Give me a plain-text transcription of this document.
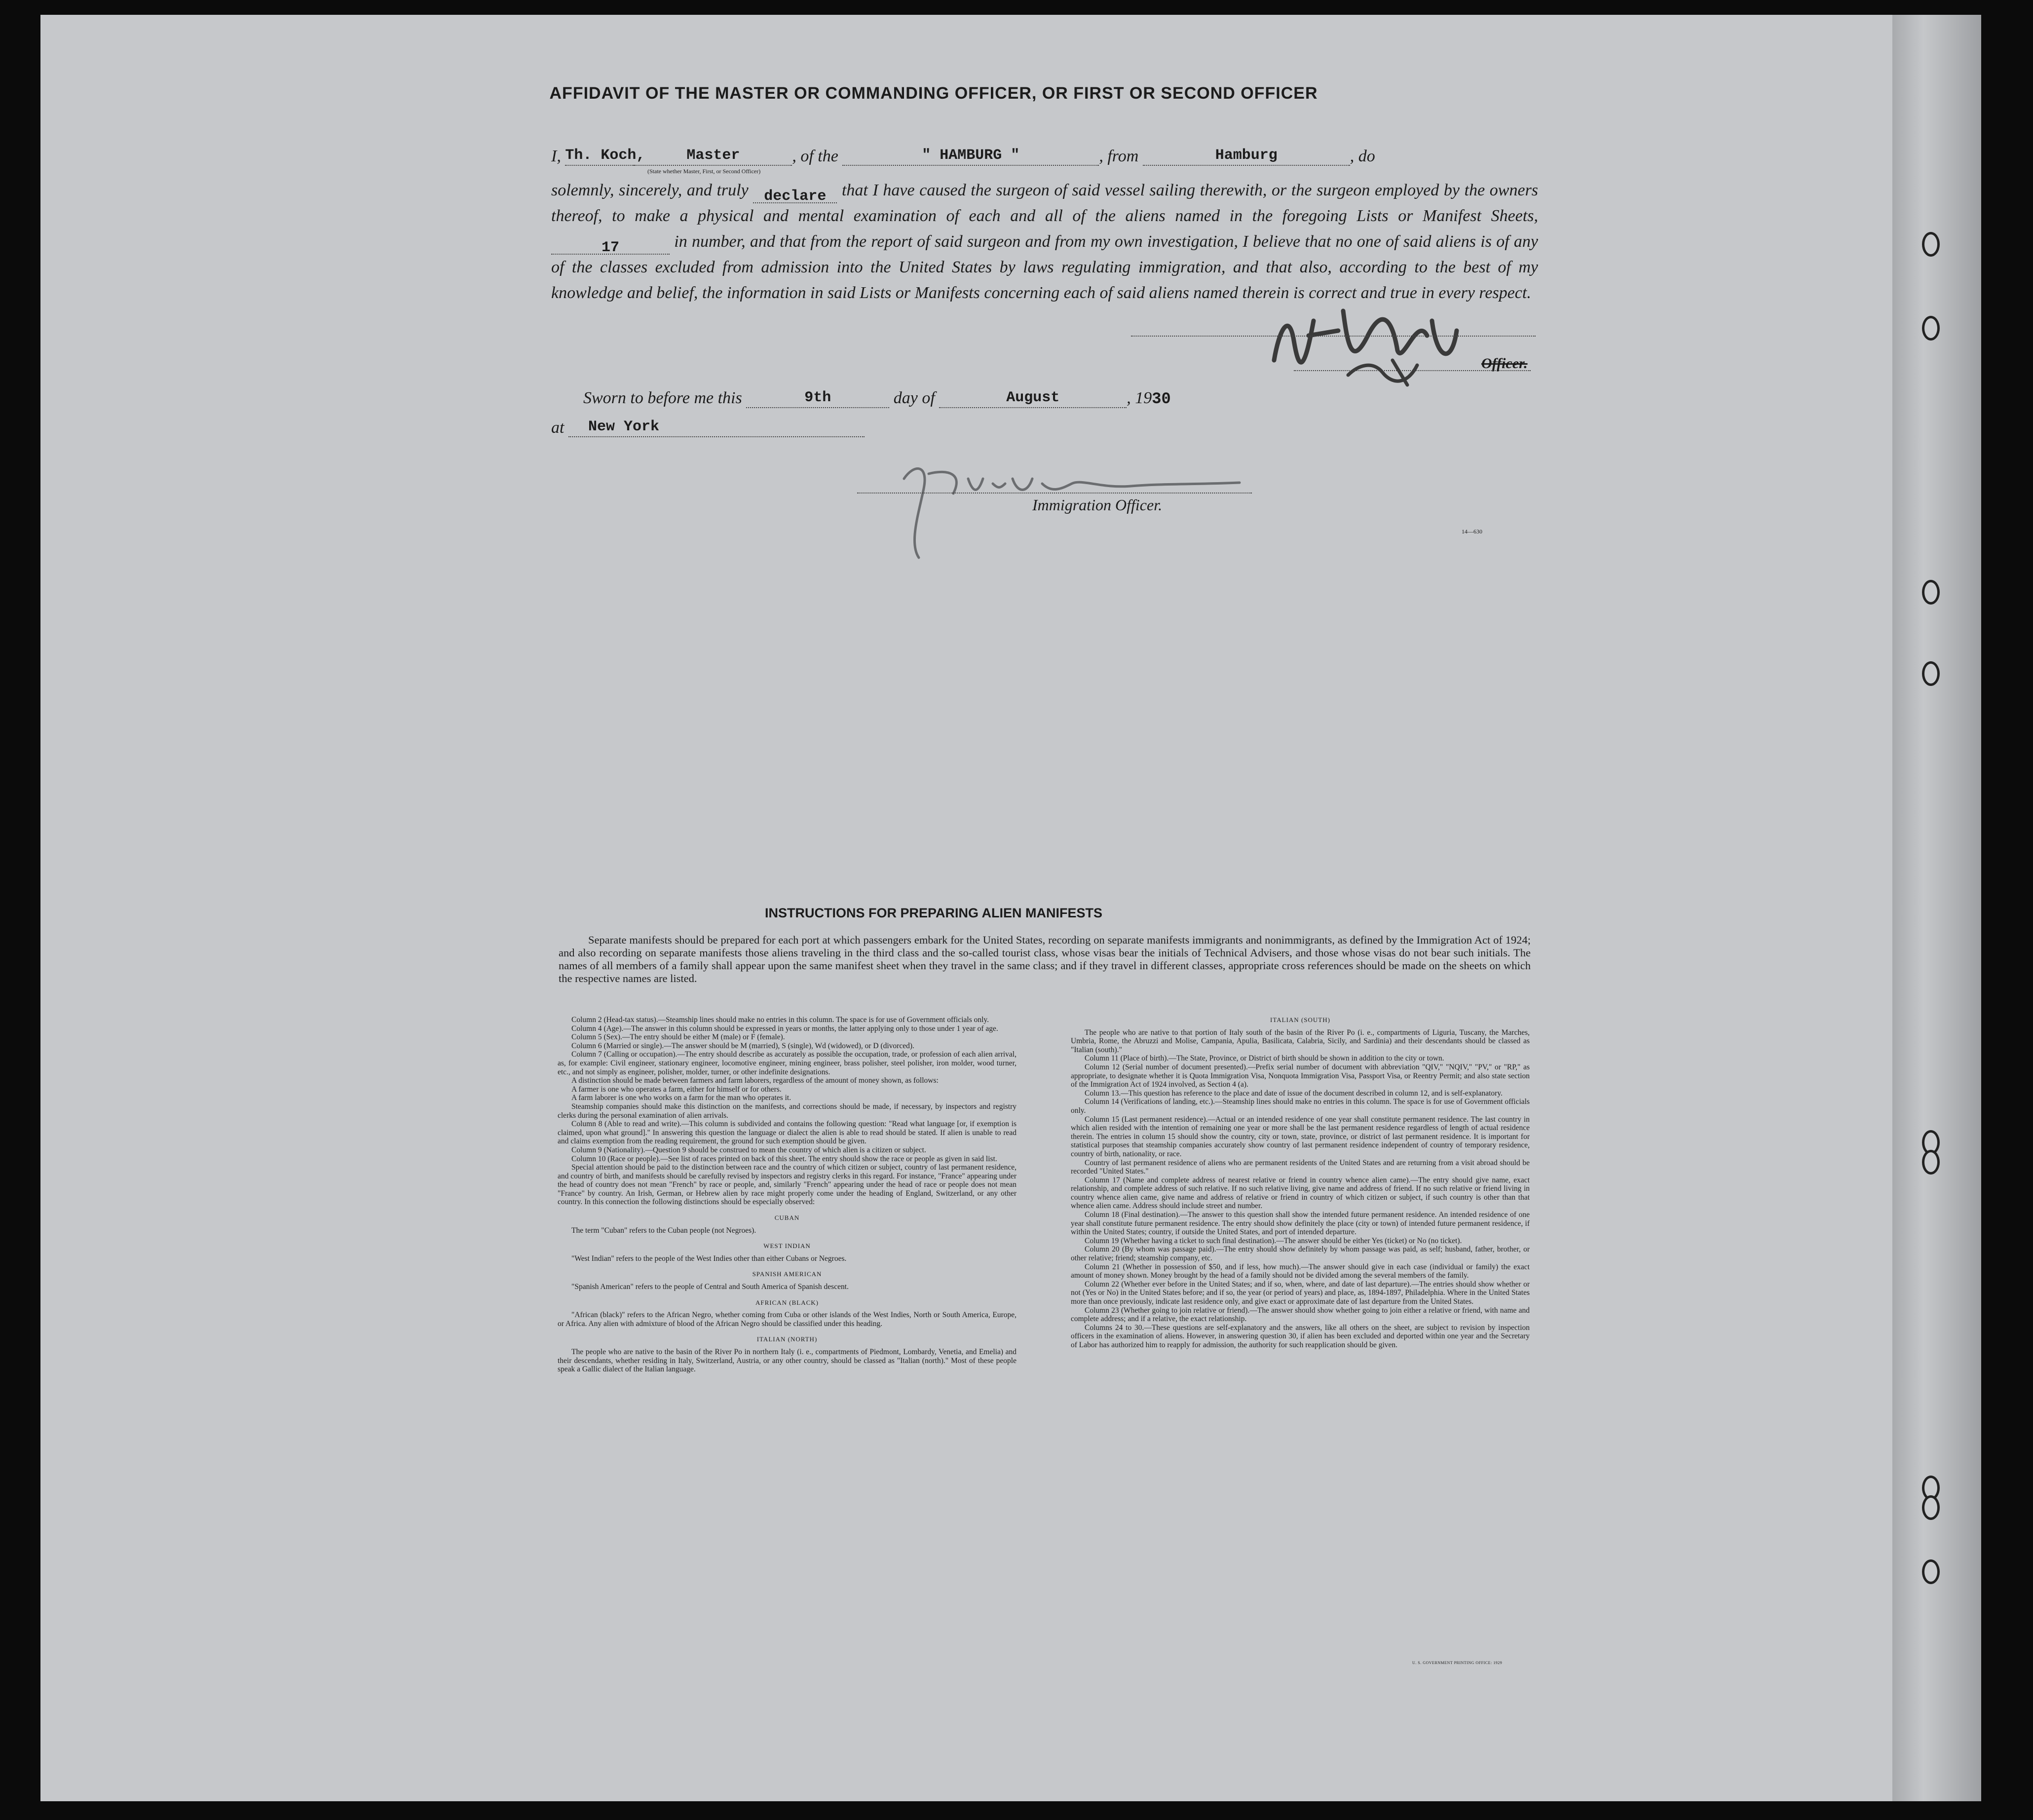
AFFIDAVIT OF THE MASTER OR COMMANDING OFFICER, OR FIRST OR SECOND OFFICER
I, Th. Koch,	Master	, of the	" HAMBURG "	, from	Hamburg	, do
(State whether Master, First, or Second Officer)
solemnly, sincerely, and truly declare that I have caused the surgeon of said vessel sailing therewith, or the surgeon employed by the owners thereof, to make a physical and mental examination of each and all of the aliens named in the foregoing Lists or Manifest Sheets, 17	in number, and that from the report of said surgeon and from my own investigation, I believe that no one of said aliens is of any of the classes excluded from admission into the United States by laws regulating immigration, and that also, according to the best of my knowledge and belief, the information in said Lists or Manifests concerning each of said aliens named therein is correct and true in every respect.
Officer.
Sworn to before me this	9th	day of	August	, 1930
at New York
Immigration Officer.
14—630
INSTRUCTIONS FOR PREPARING ALIEN MANIFESTS
Separate manifests should be prepared for each port at which passengers embark for the United States, recording on separate manifests immigrants and nonimmigrants, as defined by the Immigration Act of 1924; and also recording on separate manifests those aliens traveling in the third class and the so-called tourist class, whose visas bear the initials of Technical Advisers, and those whose visas do not bear such initials. The names of all members of a family shall appear upon the same manifest sheet when they travel in the same class; and if they travel in different classes, appropriate cross references should be made on the sheets on which the respective names are listed.

Column 2 (Head-tax status).—Steamship lines should make no entries in this column. The space is for use of Government officials only.

Column 4 (Age).—The answer in this column should be expressed in years or months, the latter applying only to those under 1 year of age.

Column 5 (Sex).—The entry should be either M (male) or F (female).

Column 6 (Married or single).—The answer should be M (married), S (single), Wd (widowed), or D (divorced).

Column 7 (Calling or occupation).—The entry should describe as accurately as possible the occupation, trade, or profession of each alien arrival, as, for example: Civil engineer, stationary engineer, locomotive engineer, mining engineer, brass polisher, steel polisher, iron molder, wood turner, etc., and not simply as engineer, polisher, molder, turner, or other indefinite designations.

A distinction should be made between farmers and farm laborers, regardless of the amount of money shown, as follows:

A farmer is one who operates a farm, either for himself or for others.

A farm laborer is one who works on a farm for the man who operates it.

Steamship companies should make this distinction on the manifests, and corrections should be made, if necessary, by inspectors and registry clerks during the personal examination of alien arrivals.

Column 8 (Able to read and write).—This column is subdivided and contains the following question: "Read what language [or, if exemption is claimed, upon what ground]." In answering this question the language or dialect the alien is able to read should be stated. If alien is unable to read and claims exemption from the reading requirement, the ground for such exemption should be given.

Column 9 (Nationality).—Question 9 should be construed to mean the country of which alien is a citizen or subject.

Column 10 (Race or people).—See list of races printed on back of this sheet. The entry should show the race or people as given in said list.

Special attention should be paid to the distinction between race and the country of which citizen or subject, country of last permanent residence, and country of birth, and manifests should be carefully revised by inspectors and registry clerks in this regard. For instance, "France" appearing under the head of country does not mean "French" by race or people, and, similarly "French" appearing under the head of race or people does not mean "France" by country. An Irish, German, or Hebrew alien by race might properly come under the heading of England, Switzerland, or any other country. In this connection the following distinctions should be especially observed:

CUBAN

The term "Cuban" refers to the Cuban people (not Negroes).

WEST INDIAN

"West Indian" refers to the people of the West Indies other than either Cubans or Negroes.

SPANISH AMERICAN

"Spanish American" refers to the people of Central and South America of Spanish descent.

AFRICAN (BLACK)

"African (black)" refers to the African Negro, whether coming from Cuba or other islands of the West Indies, North or South America, Europe, or Africa. Any alien with admixture of blood of the African Negro should be classified under this heading.

ITALIAN (NORTH)

The people who are native to the basin of the River Po in northern Italy (i. e., compartments of Piedmont, Lombardy, Venetia, and Emelia) and their descendants, whether residing in Italy, Switzerland, Austria, or any other country, should be classed as "Italian (north)." Most of these people speak a Gallic dialect of the Italian language.

ITALIAN (SOUTH)

The people who are native to that portion of Italy south of the basin of the River Po (i. e., compartments of Liguria, Tuscany, the Marches, Umbria, Rome, the Abruzzi and Molise, Campania, Apulia, Basilicata, Calabria, Sicily, and Sardinia) and their descendants should be classed as "Italian (south)."

Column 11 (Place of birth).—The State, Province, or District of birth should be shown in addition to the city or town.

Column 12 (Serial number of document presented).—Prefix serial number of document with abbreviation "QIV," "NQIV," "PV," or "RP," as appropriate, to designate whether it is Quota Immigration Visa, Nonquota Immigration Visa, Passport Visa, or Reentry Permit; and also state section of the Immigration Act of 1924 involved, as Section 4 (a).

Column 13.—This question has reference to the place and date of issue of the document described in column 12, and is self-explanatory.

Column 14 (Verifications of landing, etc.).—Steamship lines should make no entries in this column. The space is for use of Government officials only.

Column 15 (Last permanent residence).—Actual or an intended residence of one year shall constitute permanent residence. The last country in which alien resided with the intention of remaining one year or more shall be the last permanent residence regardless of length of actual residence therein. The entries in column 15 should show the country, city or town, state, province, or district of last permanent residence. It is important for statistical purposes that steamship companies accurately show country of last permanent residence independent of country of temporary residence, country of birth, nationality, or race.

Country of last permanent residence of aliens who are permanent residents of the United States and are returning from a visit abroad should be recorded "United States."

Column 17 (Name and complete address of nearest relative or friend in country whence alien came).—The entry should give name, exact relationship, and complete address of such relative. If no such relative living, give name and address of friend. If no such relative or friend living in country whence alien came, give name and address of relative or friend in country of which citizen or subject, if such country is other than that whence alien came. Address should include street and number.

Column 18 (Final destination).—The answer to this question shall show the intended future permanent residence. An intended residence of one year shall constitute future permanent residence. The entry should show definitely the place (city or town) of intended future permanent residence, if within the United States; country, if outside the United States, and port of intended departure.

Column 19 (Whether having a ticket to such final destination).—The answer should be either Yes (ticket) or No (no ticket).

Column 20 (By whom was passage paid).—The entry should show definitely by whom passage was paid, as self; husband, father, brother, or other relative; friend; steamship company, etc.

Column 21 (Whether in possession of $50, and if less, how much).—The answer should give in each case (individual or family) the exact amount of money shown. Money brought by the head of a family should not be divided among the several members of the family.

Column 22 (Whether ever before in the United States; and if so, when, where, and date of last departure).—The entries should show whether or not (Yes or No) in the United States before; and if so, the year (or period of years) and place, as, 1894-1897, Philadelphia. Where in the United States more than once previously, indicate last residence only, and give exact or approximate date of last departure from the United States.

Column 23 (Whether going to join relative or friend).—The answer should show whether going to join either a relative or friend, with name and complete address; and if a relative, the exact relationship.

Columns 24 to 30.—These questions are self-explanatory and the answers, like all others on the sheet, are subject to revision by inspection officers in the examination of aliens. However, in answering question 30, if alien has been excluded and deported within one year and the Secretary of Labor has authorized him to reapply for admission, the authority for such reapplication should be given.

U. S. GOVERNMENT PRINTING OFFICE: 1929
